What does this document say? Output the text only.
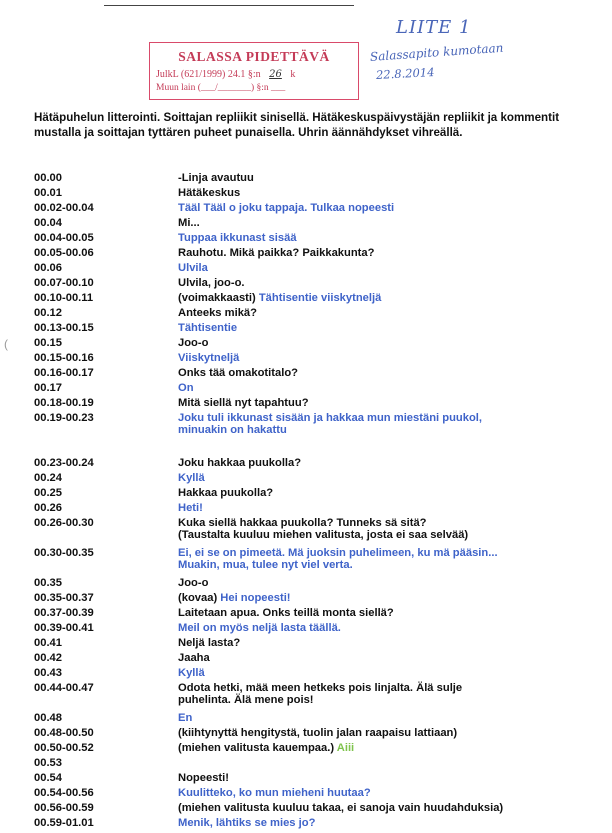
SALASSA PIDETTÄVÄ
JulkL (621/1999) 24.1 §:n 26 k
Muun lain (___/_______) §:n ___
LIITE 1
Salassapito kumotaan
22.8.2014

Hätäpuhelun litterointi. Soittajan repliikit sinisellä. Hätäkeskuspäivystäjän repliikit ja kommentit mustalla ja soittajan tyttären puheet punaisella. Uhrin äännähdykset vihreällä.

(
00.00	-Linja avautuu
00.01	Hätäkeskus
00.02-00.04	Tääl Tääl o joku tappaja. Tulkaa nopeesti
00.04	Mi...
00.04-00.05	Tuppaa ikkunast sisää
00.05-00.06	Rauhotu. Mikä paikka? Paikkakunta?
00.06	Ulvila
00.07-00.10	Ulvila, joo-o.
00.10-00.11	(voimakkaasti) Tähtisentie viiskytneljä
00.12	Anteeks mikä?
00.13-00.15	Tähtisentie
00.15	Joo-o
00.15-00.16	Viiskytneljä
00.16-00.17	Onks tää omakotitalo?
00.17	On
00.18-00.19	Mitä siellä nyt tapahtuu?
00.19-00.23	Joku tuli ikkunast sisään ja hakkaa mun miestäni puukol,
minuakin on hakattu
00.23-00.24	Joku hakkaa puukolla?
00.24	Kyllä
00.25	Hakkaa puukolla?
00.26	Heti!
00.26-00.30	Kuka siellä hakkaa puukolla? Tunneks sä sitä?
(Taustalta kuuluu miehen valitusta, josta ei saa selvää)
00.30-00.35	Ei, ei se on pimeetä. Mä juoksin puhelimeen, ku mä pääsin...
Muakin, mua, tulee nyt viel verta.
00.35	Joo-o
00.35-00.37	(kovaa) Hei nopeesti!
00.37-00.39	Laitetaan apua. Onks teillä monta siellä?
00.39-00.41	Meil on myös neljä lasta täällä.
00.41	Neljä lasta?
00.42	Jaaha
00.43	Kyllä
00.44-00.47	Odota hetki, mää meen hetkeks pois linjalta. Älä sulje
puhelinta. Älä mene pois!
00.48	En
00.48-00.50	(kiihtynyttä hengitystä, tuolin jalan raapaisu lattiaan)
00.50-00.52	(miehen valitusta kauempaa.) Aiii
00.53
00.54	Nopeesti!
00.54-00.56	Kuulitteko, ko mun mieheni huutaa?
00.56-00.59	(miehen valitusta kuuluu takaa, ei sanoja vain huudahduksia)
00.59-01.01	Menik, lähtiks se mies jo?
